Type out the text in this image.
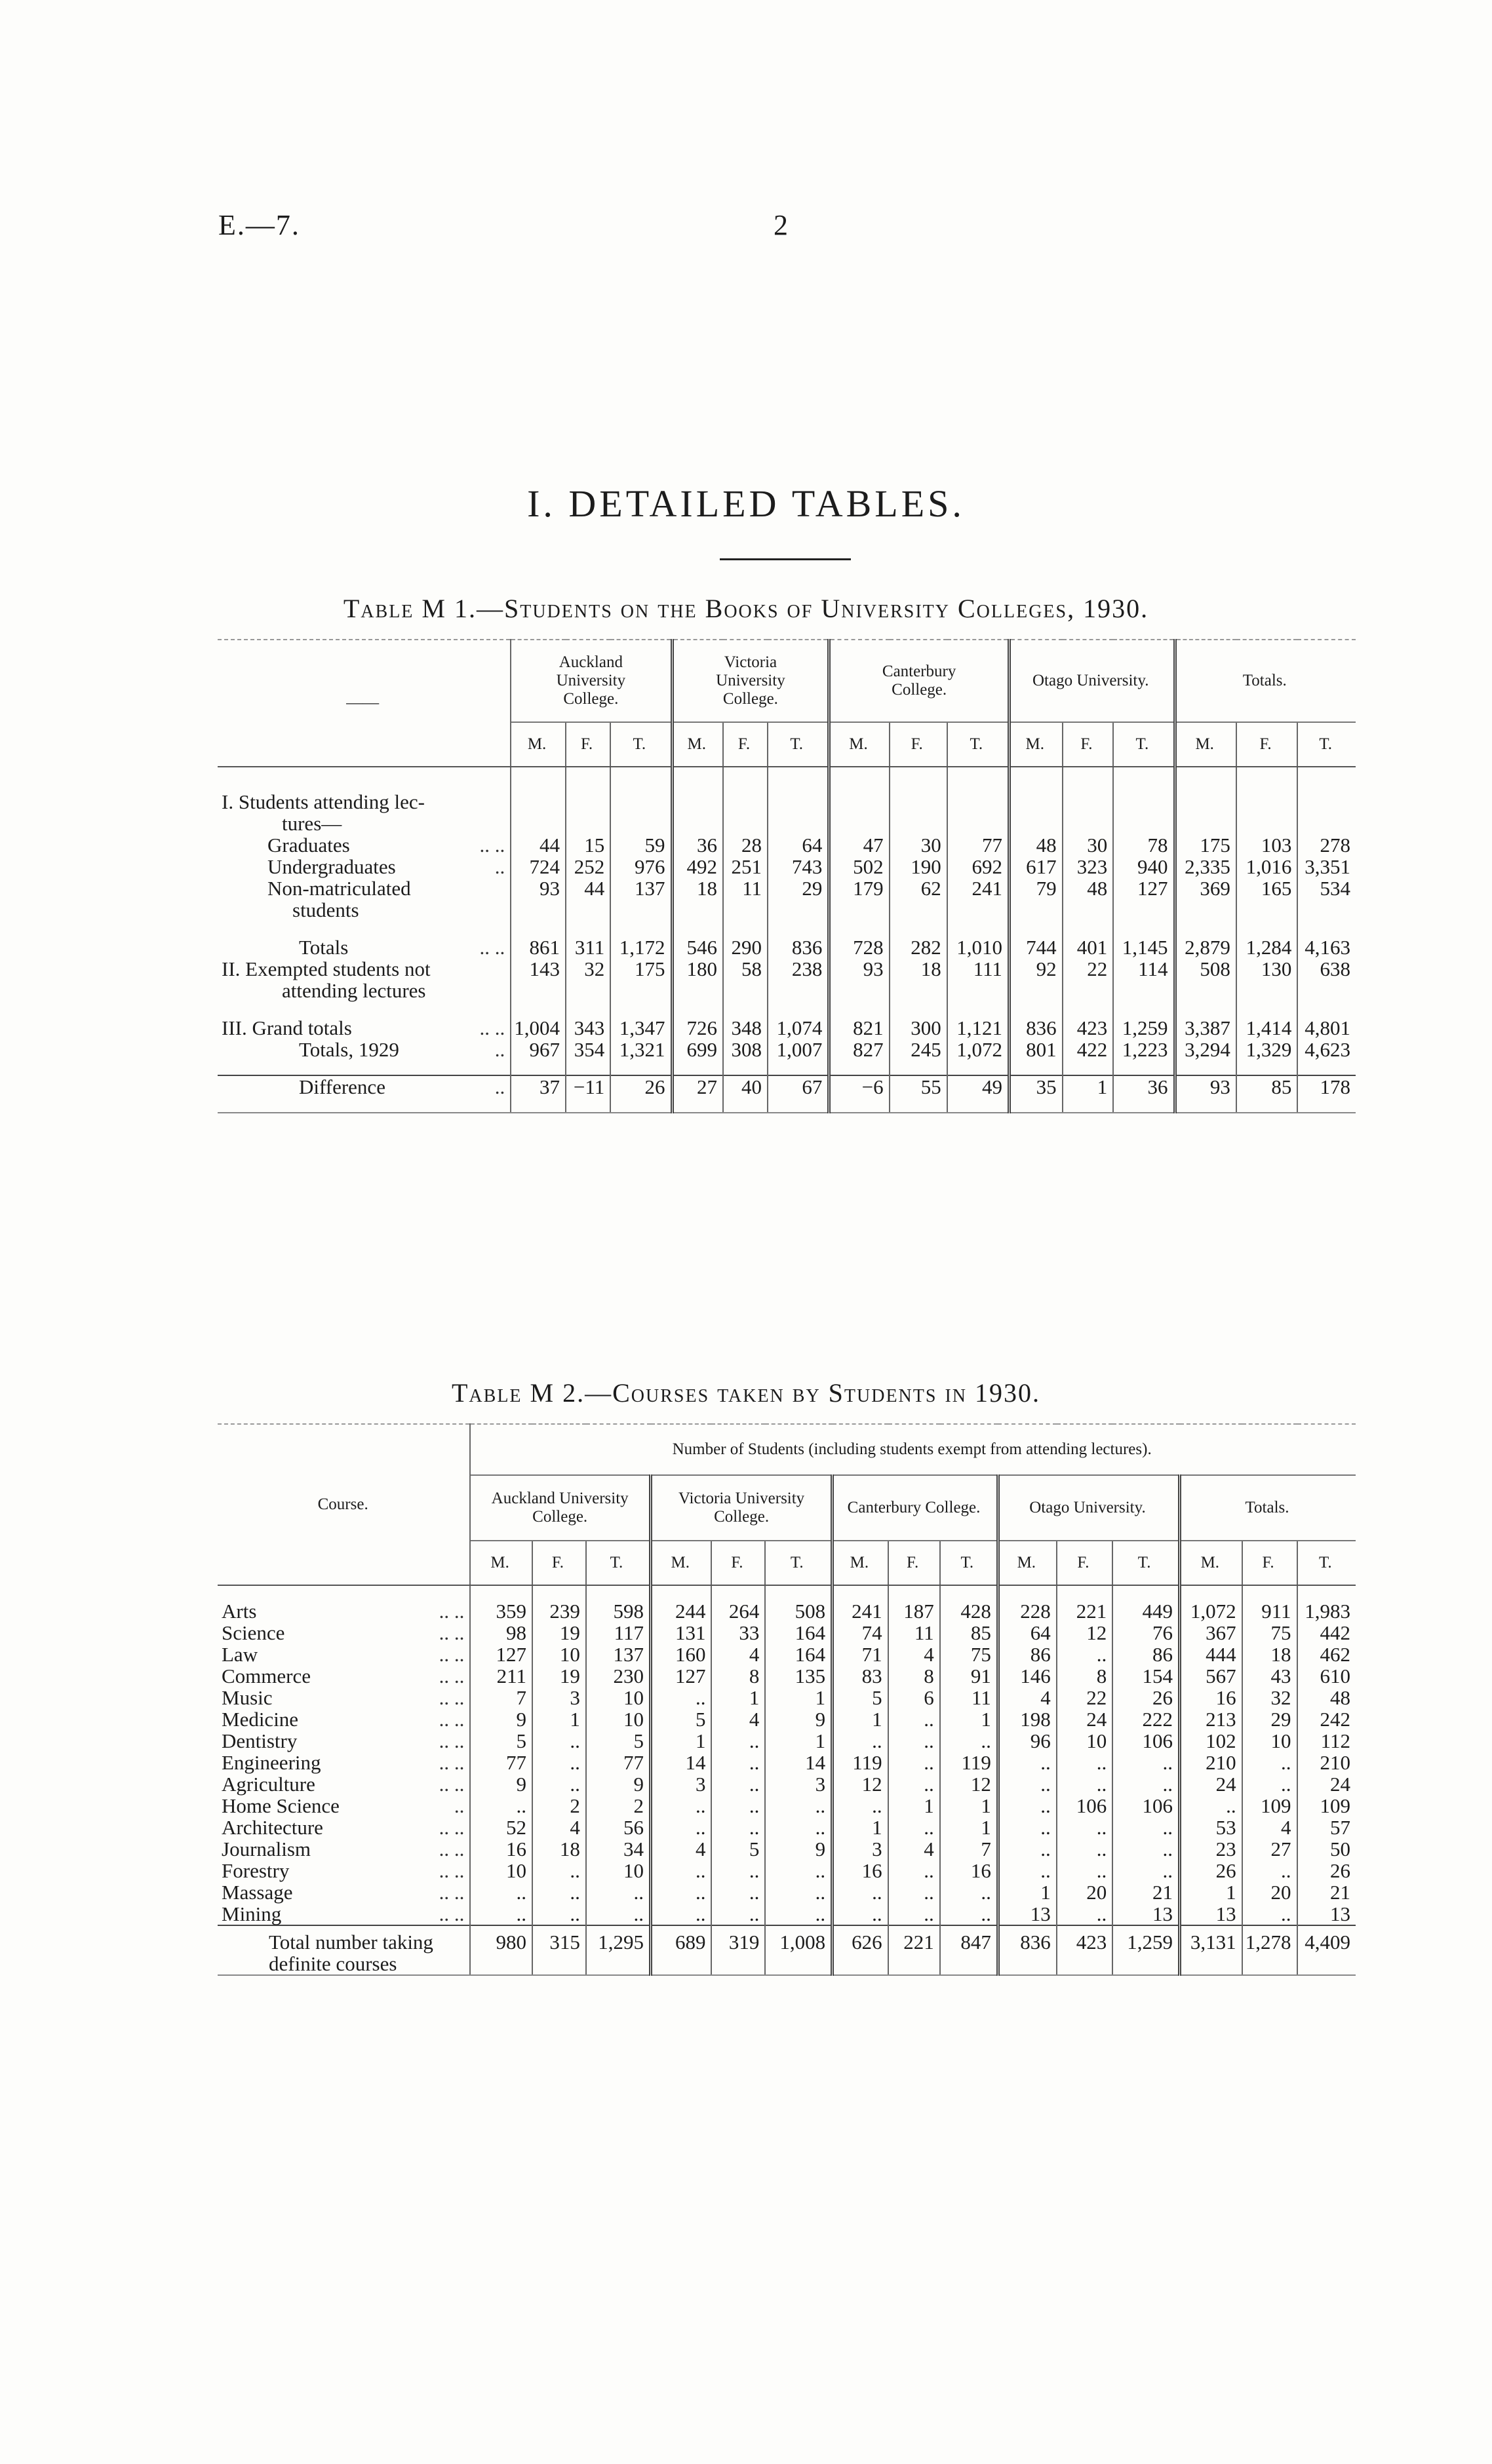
E.—7.	2
I. DETAILED TABLES.
Table M 1.—Students on the Books of University Colleges, 1930.
——	Auckland University College.			Victoria University College.			Canterbury College.			Otago University.			Totals.		
	M.	F.	T.	M.	F.	T.	M.	F.	T.	M.	F.	T.	M.	F.	T.

I. Students attending lec-
tures—															

Graduates .. ..	44	15	59	36	28	64	47	30	77	48	30	78	175	103	278

Undergraduates ..	724	252	976	492	251	743	502	190	692	617	323	940	2,335	1,016	3,351

Non-matriculated
students	93	44	137	18	11	29	179	62	241	79	48	127	369	165	534

Totals .. ..	861	311	1,172	546	290	836	728	282	1,010	744	401	1,145	2,879	1,284	4,163

II. Exempted students not
attending lectures	143	32	175	180	58	238	93	18	111	92	22	114	508	130	638

III. Grand totals .. ..	1,004	343	1,347	726	348	1,074	821	300	1,121	836	423	1,259	3,387	1,414	4,801

Totals, 1929 ..	967	354	1,321	699	308	1,007	827	245	1,072	801	422	1,223	3,294	1,329	4,623

Difference ..	37	−11	26	27	40	67	−6	55	49	35	1	36	93	85	178

Table M 2.—Courses taken by Students in 1930.
Course.	Number of Students (including students exempt from attending lectures).														
	Auckland University College.			Victoria University College.			Canterbury College.			Otago University.			Totals.		
	M.	F.	T.	M.	F.	T.	M.	F.	T.	M.	F.	T.	M.	F.	T.

Arts .. ..	359	239	598	244	264	508	241	187	428	228	221	449	1,072	911	1,983

Science .. ..	98	19	117	131	33	164	74	11	85	64	12	76	367	75	442

Law .. ..	127	10	137	160	4	164	71	4	75	86	..	86	444	18	462

Commerce .. ..	211	19	230	127	8	135	83	8	91	146	8	154	567	43	610

Music .. ..	7	3	10	..	1	1	5	6	11	4	22	26	16	32	48

Medicine .. ..	9	1	10	5	4	9	1	..	1	198	24	222	213	29	242

Dentistry .. ..	5	..	5	1	..	1	..	..	..	96	10	106	102	10	112

Engineering .. ..	77	..	77	14	..	14	119	..	119	..	..	..	210	..	210

Agriculture .. ..	9	..	9	3	..	3	12	..	12	..	..	..	24	..	24

Home Science ..	..	2	2	..	..	..	..	1	1	..	106	106	..	109	109

Architecture .. ..	52	4	56	..	..	..	1	..	1	..	..	..	53	4	57

Journalism .. ..	16	18	34	4	5	9	3	4	7	..	..	..	23	27	50

Forestry .. ..	10	..	10	..	..	..	16	..	16	..	..	..	26	..	26

Massage .. ..	..	..	..	..	..	..	..	..	..	1	20	21	1	20	21

Mining .. ..	..	..	..	..	..	..	..	..	..	13	..	13	13	..	13

Total number taking
definite courses	980	315	1,295	689	319	1,008	626	221	847	836	423	1,259	3,131	1,278	4,409
